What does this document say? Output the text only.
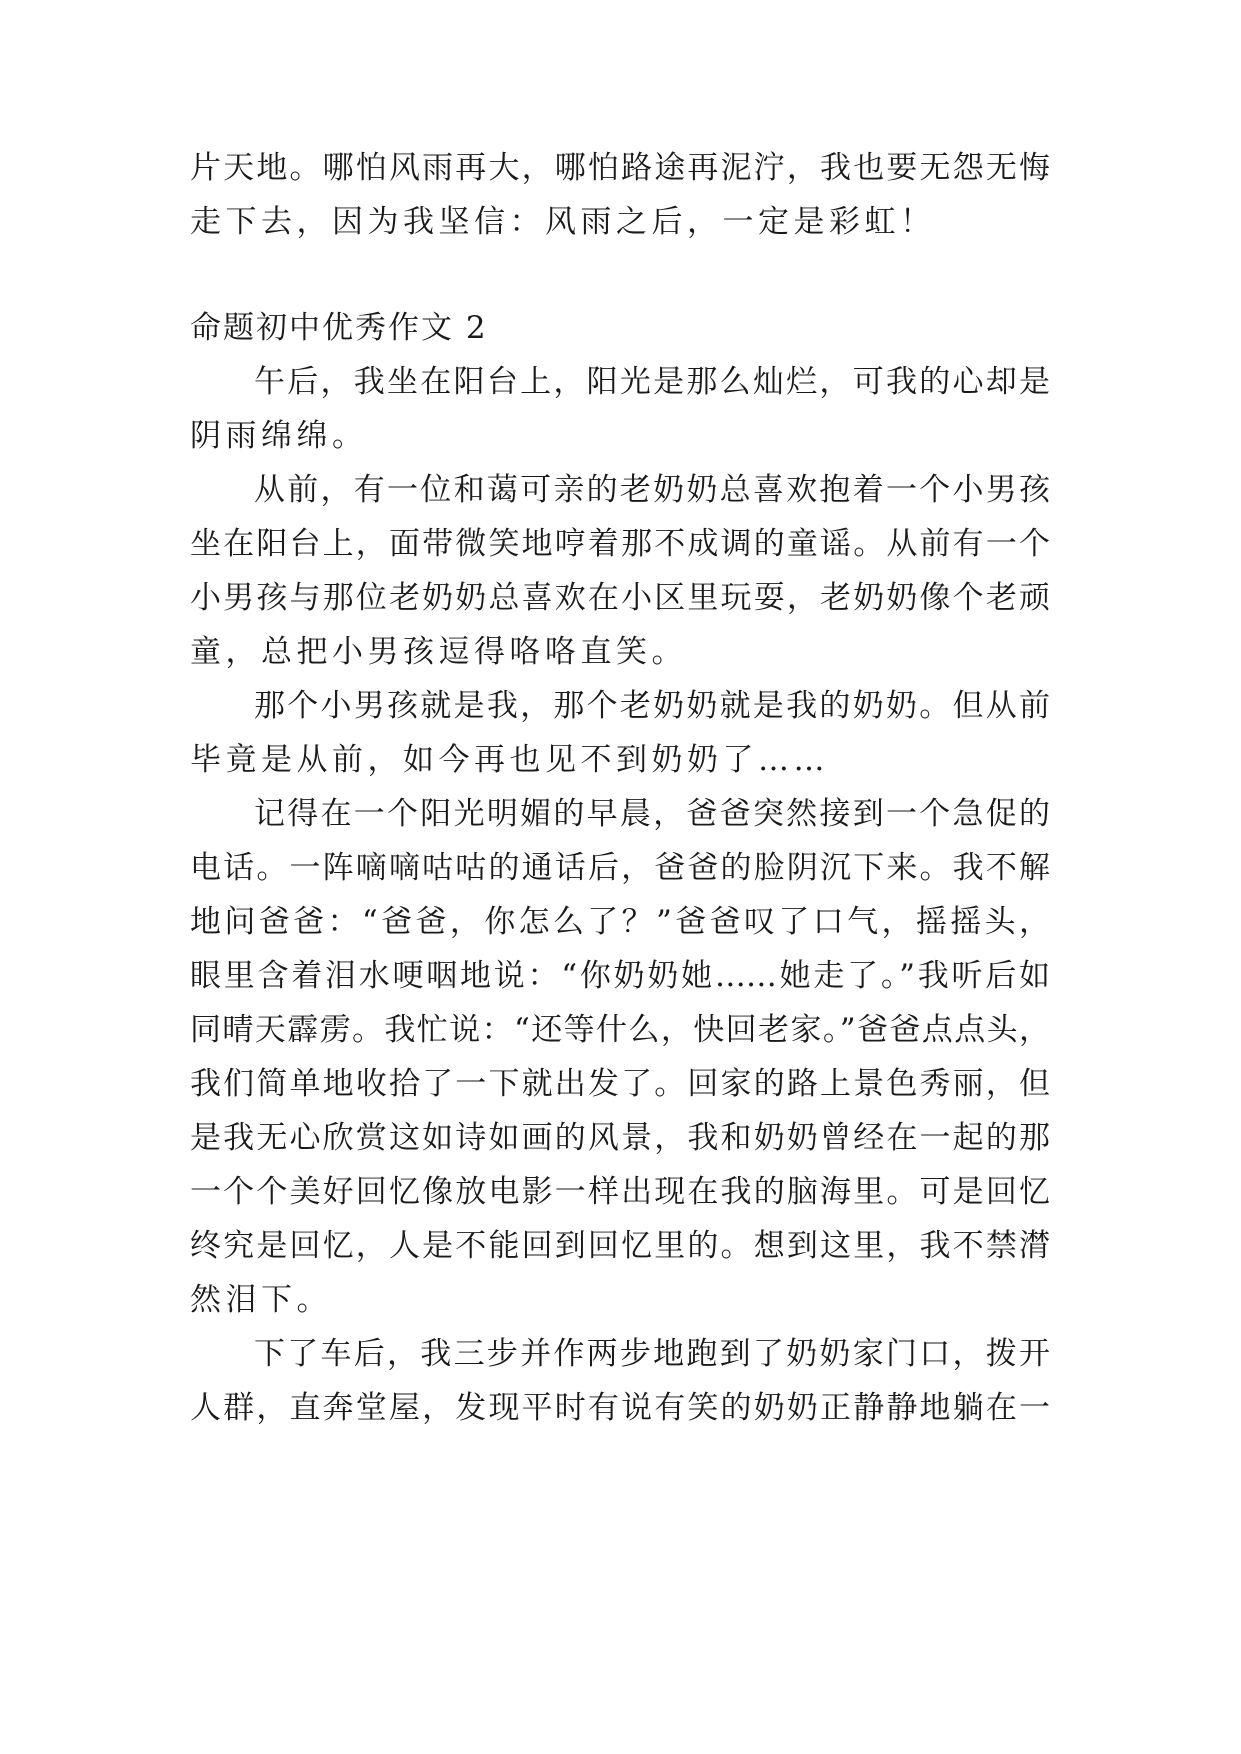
片天地。哪怕风雨再大，哪怕路途再泥泞，我也要无怨无悔
走下去，因为我坚信：风雨之后，一定是彩虹！
命题初中优秀作文 2
午后，我坐在阳台上，阳光是那么灿烂，可我的心却是
阴雨绵绵。
从前，有一位和蔼可亲的老奶奶总喜欢抱着一个小男孩
坐在阳台上，面带微笑地哼着那不成调的童谣。从前有一个
小男孩与那位老奶奶总喜欢在小区里玩耍，老奶奶像个老顽
童，总把小男孩逗得咯咯直笑。
那个小男孩就是我，那个老奶奶就是我的奶奶。但从前
毕竟是从前，如今再也见不到奶奶了……
记得在一个阳光明媚的早晨，爸爸突然接到一个急促的
电话。一阵嘀嘀咕咕的通话后，爸爸的脸阴沉下来。我不解
地问爸爸：“爸爸，你怎么了？”爸爸叹了口气，摇摇头，
眼里含着泪水哽咽地说：“你奶奶她……她走了。”我听后如
同晴天霹雳。我忙说：“还等什么，快回老家。”爸爸点点头，
我们简单地收拾了一下就出发了。回家的路上景色秀丽，但
是我无心欣赏这如诗如画的风景，我和奶奶曾经在一起的那
一个个美好回忆像放电影一样出现在我的脑海里。可是回忆
终究是回忆，人是不能回到回忆里的。想到这里，我不禁潸
然泪下。
下了车后，我三步并作两步地跑到了奶奶家门口，拨开
人群，直奔堂屋，发现平时有说有笑的奶奶正静静地躺在一
